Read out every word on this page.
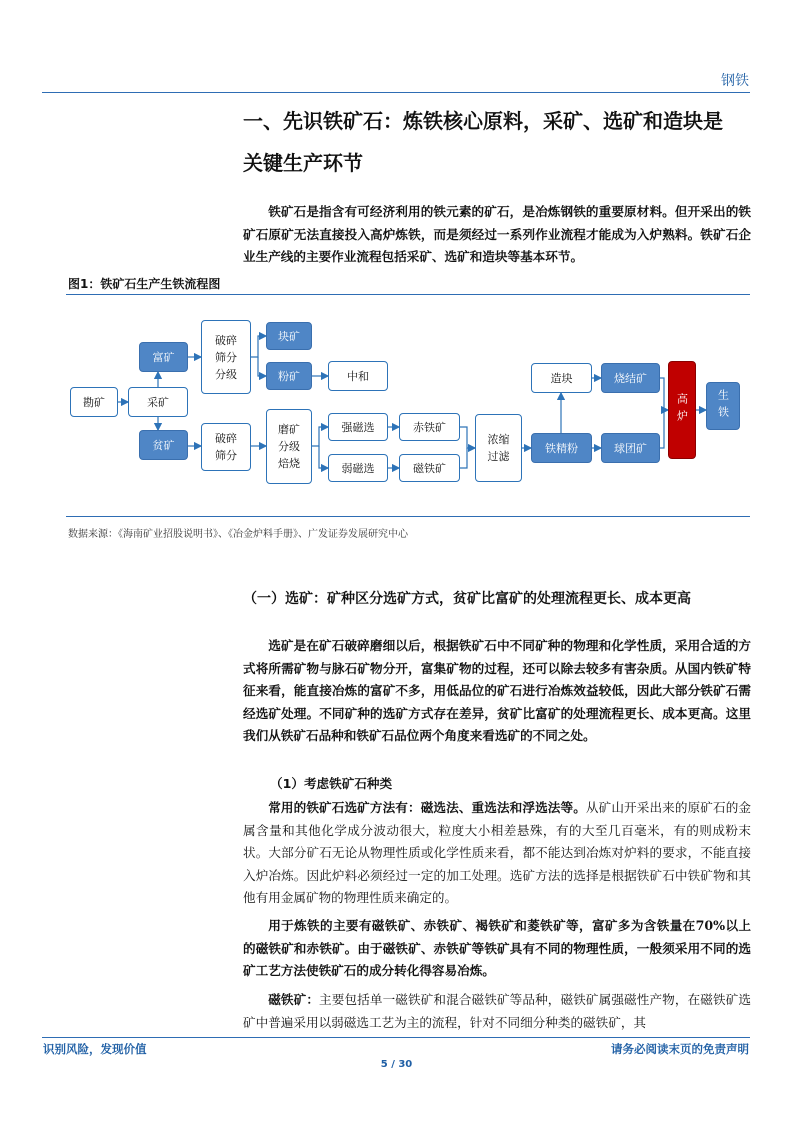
钢铁
一、先识铁矿石：炼铁核心原料，采矿、选矿和造块是
关键生产环节
铁矿石是指含有可经济利用的铁元素的矿石，是冶炼钢铁的重要原材料。但开采出的铁矿石原矿无法直接投入高炉炼铁，而是须经过一系列作业流程才能成为入炉熟料。铁矿石企业生产线的主要作业流程包括采矿、选矿和造块等基本环节。
图1：铁矿石生产生铁流程图
勘矿	采矿
富矿
贫矿
破碎
筛分
分级
破碎
筛分
块矿
粉矿	中和
磨矿
分级
焙烧
强磁选
弱磁选
赤铁矿
磁铁矿
浓缩
过滤
铁精粉
造块	烧结矿
球团矿
高炉	生铁
数据来源：《海南矿业招股说明书》、《冶金炉料手册》、广发证券发展研究中心
（一）选矿：矿种区分选矿方式，贫矿比富矿的处理流程更长、成本更高
选矿是在矿石破碎磨细以后，根据铁矿石中不同矿种的物理和化学性质，采用合适的方式将所需矿物与脉石矿物分开，富集矿物的过程，还可以除去较多有害杂质。从国内铁矿特征来看，能直接冶炼的富矿不多，用低品位的矿石进行冶炼效益较低，因此大部分铁矿石需经选矿处理。不同矿种的选矿方式存在差异，贫矿比富矿的处理流程更长、成本更高。这里我们从铁矿石品种和铁矿石品位两个角度来看选矿的不同之处。
（1）考虑铁矿石种类
常用的铁矿石选矿方法有：磁选法、重选法和浮选法等。从矿山开采出来的原矿石的金属含量和其他化学成分波动很大，粒度大小相差悬殊，有的大至几百毫米，有的则成粉末状。大部分矿石无论从物理性质或化学性质来看，都不能达到冶炼对炉料的要求，不能直接入炉冶炼。因此炉料必须经过一定的加工处理。选矿方法的选择是根据铁矿石中铁矿物和其他有用金属矿物的物理性质来确定的。
用于炼铁的主要有磁铁矿、赤铁矿、褐铁矿和菱铁矿等，富矿多为含铁量在70%以上的磁铁矿和赤铁矿。由于磁铁矿、赤铁矿等铁矿具有不同的物理性质，一般须采用不同的选矿工艺方法使铁矿石的成分转化得容易冶炼。
磁铁矿：主要包括单一磁铁矿和混合磁铁矿等品种，磁铁矿属强磁性产物，在磁铁矿选矿中普遍采用以弱磁选工艺为主的流程，针对不同细分种类的磁铁矿，其
识别风险，发现价值
5 / 30
请务必阅读末页的免责声明
